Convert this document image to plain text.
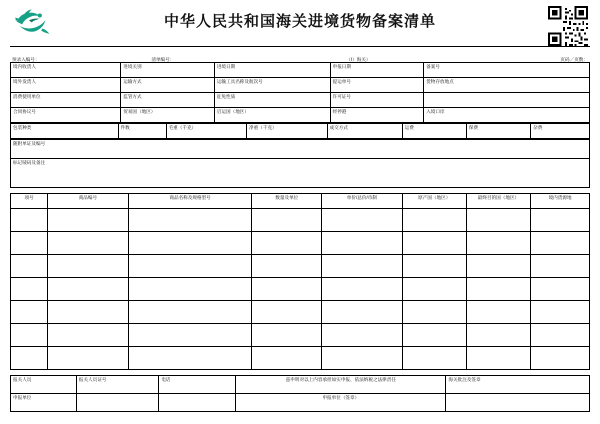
中华人民共和国海关进境货物备案清单
预录入编号：	清单编号：	（Ⅰ）海关）	页码／页数：
境内收货人	进境关别	进境日期	申报日期	备案号
境外发货人	运输方式	运输工具名称及航次号	提运单号	货物存放地点
消费使用单位	监管方式	征免性质	许可证号	
合同协议号	贸易国（地区）	启运国（地区）	经停港	入境口岸
包装种类	件数	毛重（千克）	净重（千克）	成交方式	运费	保费	杂费
随附单证及编号
标记唛码及备注
项号	商品编号	商品名称及规格型号	数量及单位	单价/总价/币制	原产国（地区）	最终目的国（地区）	境内货源地

报关人员	报关人员证号	电话	兹申明对以上内容承担如实申报、依法纳税之法律责任	海关批注及签章
申报单位			申报单位（签章）	
